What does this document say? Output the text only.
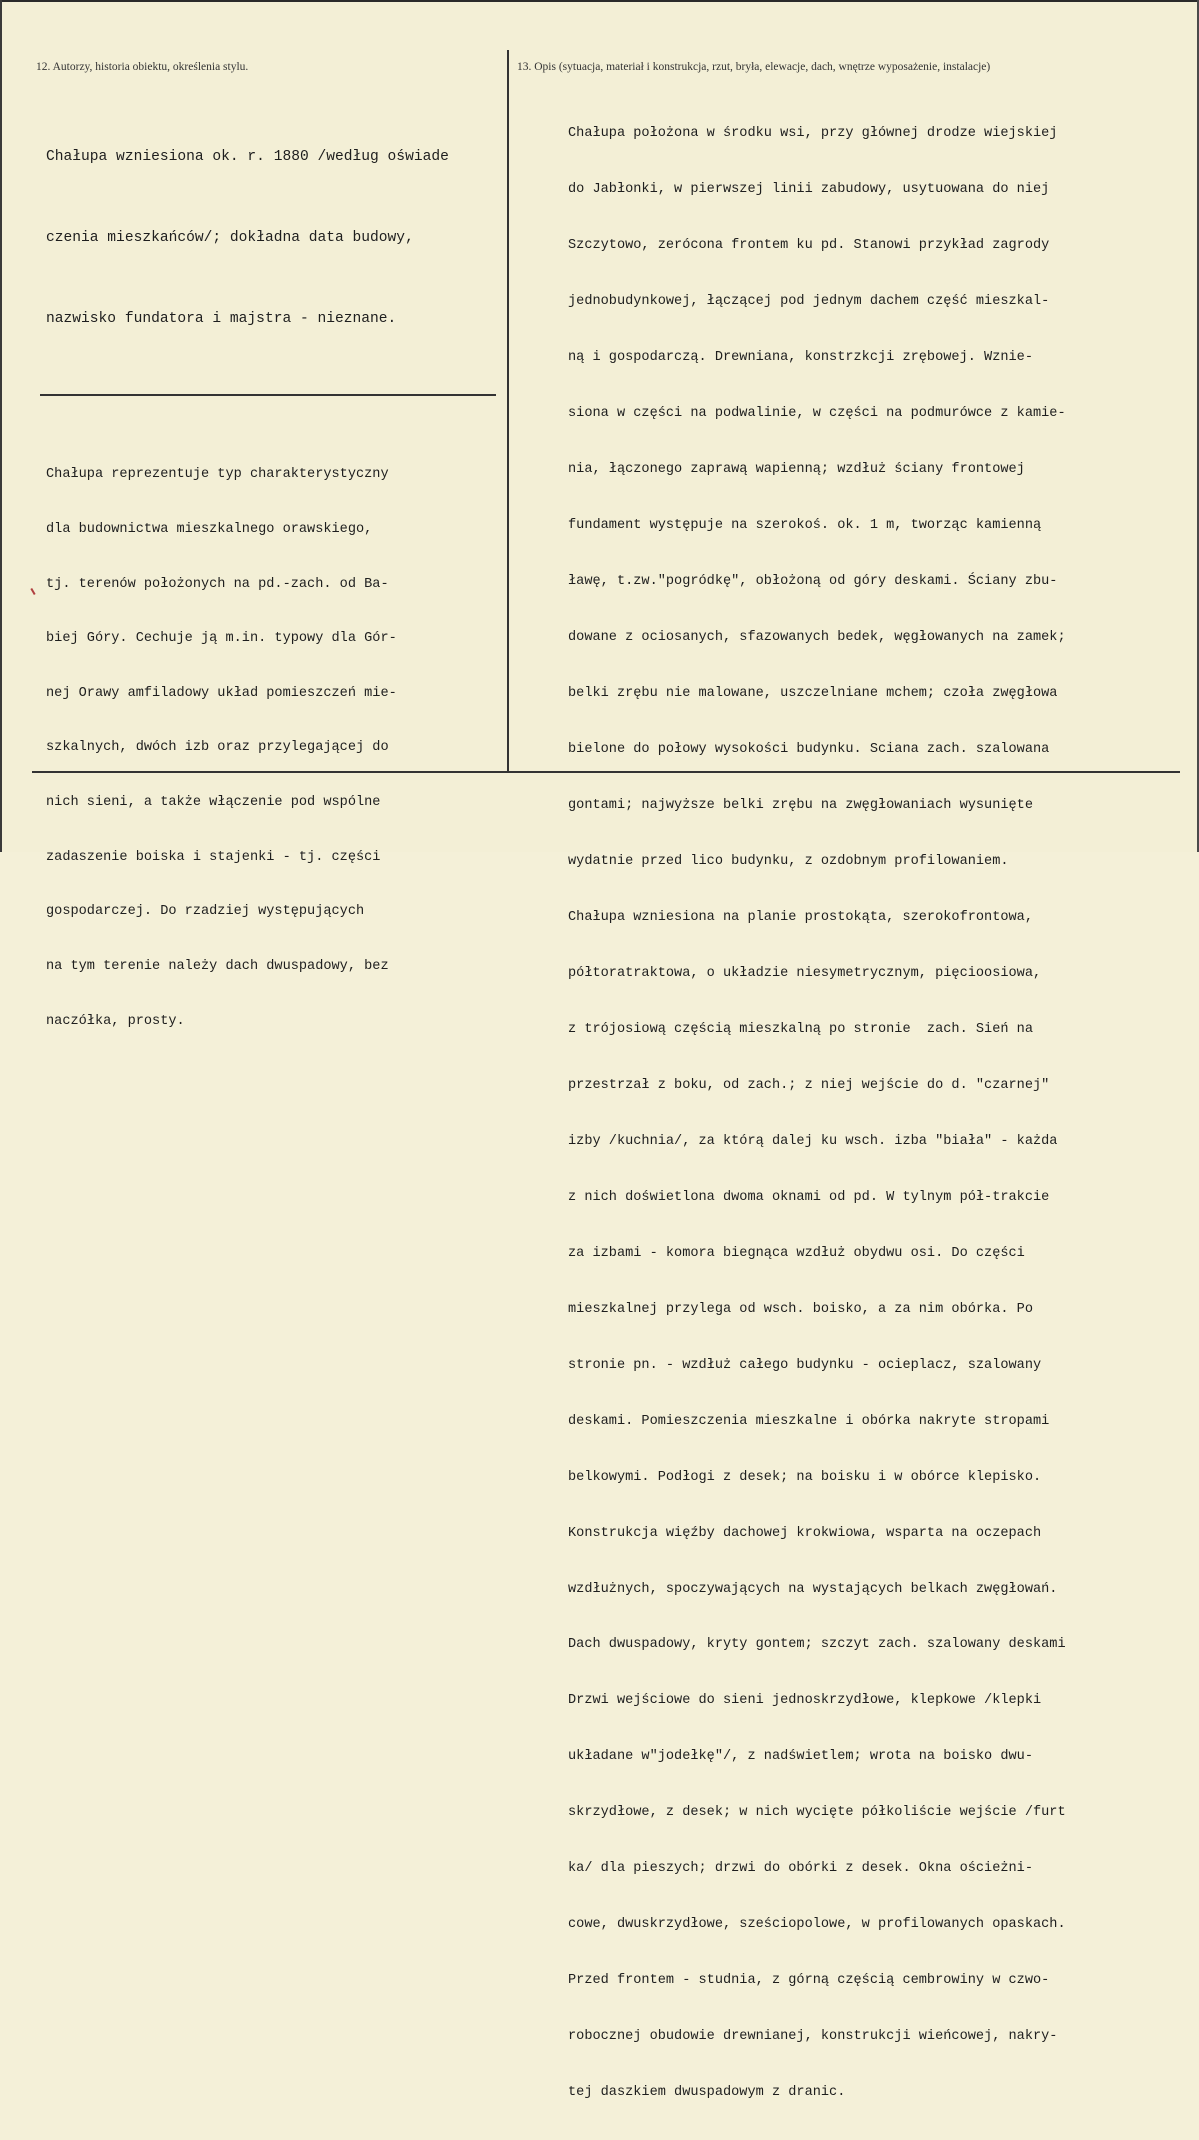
12. Autorzy, historia obiektu, określenia stylu.	13. Opis (sytuacja, materiał i konstrukcja, rzut, bryła, elewacje, dach, wnętrze wyposażenie, instalacje)

Chałupa wzniesiona ok. r. 1880 /według oświade

czenia mieszkańców/; dokładna data budowy,

nazwisko fundatora i majstra - nieznane.

Chałupa reprezentuje typ charakterystyczny

dla budownictwa mieszkalnego orawskiego,

tj. terenów położonych na pd.-zach. od Ba-

biej Góry. Cechuje ją m.in. typowy dla Gór-

nej Orawy amfiladowy układ pomieszczeń mie-

szkalnych, dwóch izb oraz przylegającej do

nich sieni, a także włączenie pod wspólne

zadaszenie boiska i stajenki - tj. części

gospodarczej. Do rzadziej występujących

na tym terenie należy dach dwuspadowy, bez

naczółka, prosty.

Chałupa położona w środku wsi, przy głównej drodze wiejskiej

do Jabłonki, w pierwszej linii zabudowy, usytuowana do niej

Szczytowo, zerócona frontem ku pd. Stanowi przykład zagrody

jednobudynkowej, łączącej pod jednym dachem część mieszkal-

ną i gospodarczą. Drewniana, konstrzkcji zrębowej. Wznie-

siona w części na podwalinie, w części na podmurówce z kamie-

nia, łączonego zaprawą wapienną; wzdłuż ściany frontowej

fundament występuje na szerokoś. ok. 1 m, tworząc kamienną

ławę, t.zw."pogródkę", obłożoną od góry deskami. Ściany zbu-

dowane z ociosanych, sfazowanych bedek, węgłowanych na zamek;

belki zrębu nie malowane, uszczelniane mchem; czoła zwęgłowa

bielone do połowy wysokości budynku. Sciana zach. szalowana

gontami; najwyższe belki zrębu na zwęgłowaniach wysunięte

wydatnie przed lico budynku, z ozdobnym profilowaniem.

Chałupa wzniesiona na planie prostokąta, szerokofrontowa,

półtoratraktowa, o układzie niesymetrycznym, pięcioosiowa,

z trójosiową częścią mieszkalną po stronie  zach. Sień na

przestrzał z boku, od zach.; z niej wejście do d. "czarnej"

izby /kuchnia/, za którą dalej ku wsch. izba "biała" - każda

z nich doświetlona dwoma oknami od pd. W tylnym pół-trakcie

za izbami - komora biegnąca wzdłuż obydwu osi. Do części

mieszkalnej przylega od wsch. boisko, a za nim obórka. Po

stronie pn. - wzdłuż całego budynku - ocieplacz, szalowany

deskami. Pomieszczenia mieszkalne i obórka nakryte stropami

belkowymi. Podłogi z desek; na boisku i w obórce klepisko.

Konstrukcja więźby dachowej krokwiowa, wsparta na oczepach

wzdłużnych, spoczywających na wystających belkach zwęgłowań.

Dach dwuspadowy, kryty gontem; szczyt zach. szalowany deskami

Drzwi wejściowe do sieni jednoskrzydłowe, klepkowe /klepki

układane w"jodełkę"/, z nadświetlem; wrota na boisko dwu-

skrzydłowe, z desek; w nich wycięte półkoliście wejście /furt

ka/ dla pieszych; drzwi do obórki z desek. Okna ościeżni-

cowe, dwuskrzydłowe, sześciopolowe, w profilowanych opaskach.

Przed frontem - studnia, z górną częścią cembrowiny w czwo-

robocznej obudowie drewnianej, konstrukcji wieńcowej, nakry-

tej daszkiem dwuspadowym z dranic.
